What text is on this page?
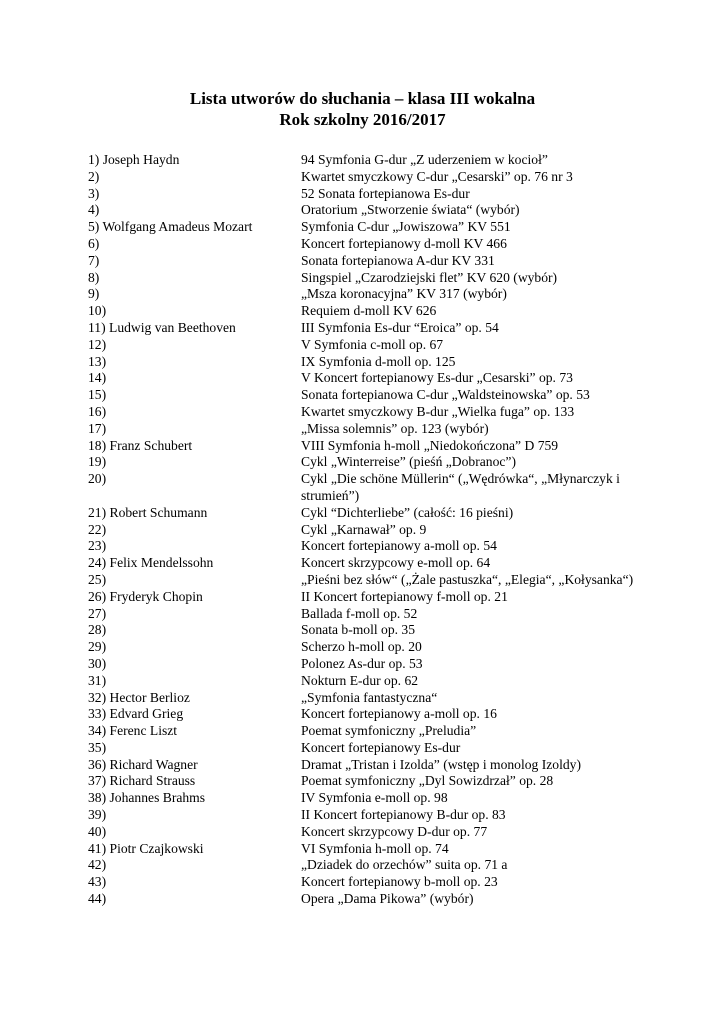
Lista utworów do słuchania – klasa III wokalna
Rok szkolny 2016/2017
1) Joseph Haydn	94 Symfonia G-dur „Z uderzeniem w kocioł”
2)	Kwartet smyczkowy C-dur „Cesarski” op. 76 nr 3
3)	52 Sonata fortepianowa Es-dur
4)	Oratorium „Stworzenie świata“ (wybór)
5) Wolfgang Amadeus Mozart	Symfonia C-dur „Jowiszowa” KV 551
6)	Koncert fortepianowy d-moll KV 466
7)	Sonata fortepianowa A-dur KV 331
8)	Singspiel „Czarodziejski flet” KV 620 (wybór)
9)	„Msza koronacyjna” KV 317 (wybór)
10)	Requiem d-moll KV 626
11) Ludwig van Beethoven	III Symfonia Es-dur “Eroica” op. 54
12)	V Symfonia c-moll op. 67
13)	IX Symfonia d-moll op. 125
14)	V Koncert fortepianowy Es-dur „Cesarski” op. 73
15)	Sonata fortepianowa C-dur „Waldsteinowska” op. 53
16)	Kwartet smyczkowy B-dur „Wielka fuga” op. 133
17)	„Missa solemnis” op. 123 (wybór)
18) Franz Schubert	VIII Symfonia h-moll „Niedokończona” D 759
19)	Cykl „Winterreise” (pieśń „Dobranoc”)
20)	Cykl „Die schöne Müllerin“ („Wędrówka“, „Młynarczyk i strumień”)
21) Robert Schumann	Cykl “Dichterliebe” (całość: 16 pieśni)
22)	Cykl „Karnawał” op. 9
23)	Koncert fortepianowy a-moll op. 54
24) Felix Mendelssohn	Koncert skrzypcowy e-moll op. 64
25)	„Pieśni bez słów“ („Żale pastuszka“, „Elegia“, „Kołysanka“)
26) Fryderyk Chopin	II Koncert fortepianowy f-moll op. 21
27)	Ballada f-moll op. 52
28)	Sonata b-moll op. 35
29)	Scherzo h-moll op. 20
30)	Polonez As-dur op. 53
31)	Nokturn E-dur op. 62
32) Hector Berlioz	„Symfonia fantastyczna“
33) Edvard Grieg	Koncert fortepianowy a-moll op. 16
34) Ferenc Liszt	Poemat symfoniczny „Preludia”
35)	Koncert fortepianowy Es-dur
36) Richard Wagner	Dramat „Tristan i Izolda” (wstęp i monolog Izoldy)
37) Richard Strauss	Poemat symfoniczny „Dyl Sowizdrzał” op. 28
38) Johannes Brahms	IV Symfonia e-moll op. 98
39)	II Koncert fortepianowy B-dur op. 83
40)	Koncert skrzypcowy D-dur op. 77
41) Piotr Czajkowski	VI Symfonia h-moll op. 74
42)	„Dziadek do orzechów” suita op. 71 a
43)	Koncert fortepianowy b-moll op. 23
44)	Opera „Dama Pikowa” (wybór)
